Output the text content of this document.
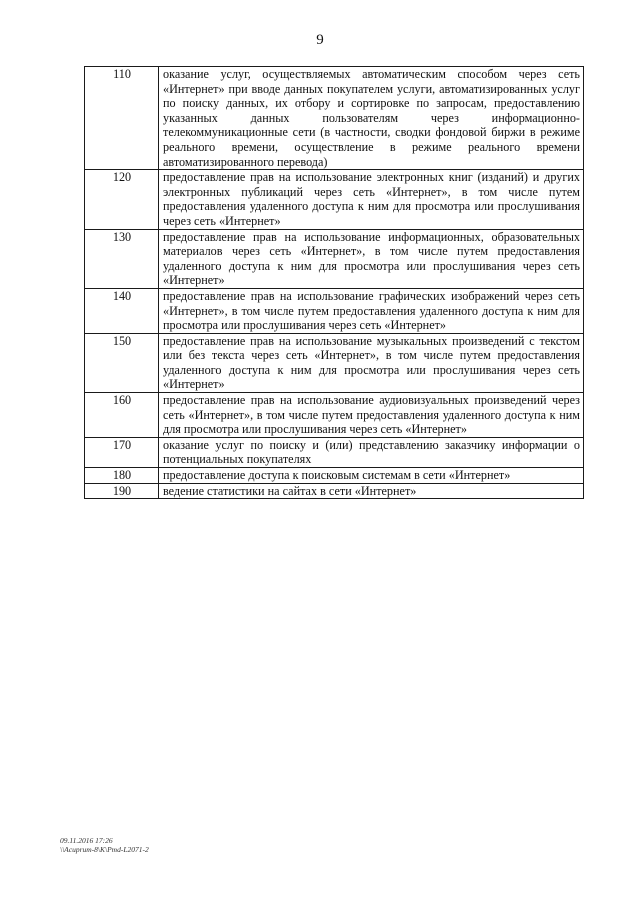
9
110	оказание услуг, осуществляемых автоматическим способом через сеть «Интернет» при вводе данных покупателем услуги, автоматизированных услуг по поиску данных, их отбору и сортировке по запросам, предоставлению указанных данных пользователям через информационно-телекоммуникационные сети (в частности, сводки фондовой биржи в режиме реального времени, осуществление в режиме реального времени автоматизированного перевода)
120	предоставление прав на использование электронных книг (изданий) и других электронных публикаций через сеть «Интернет», в том числе путем предоставления удаленного доступа к ним для просмотра или прослушивания через сеть «Интернет»
130	предоставление прав на использование информационных, образовательных материалов через сеть «Интернет», в том числе путем предоставления удаленного доступа к ним для просмотра или прослушивания через сеть «Интернет»
140	предоставление прав на использование графических изображений через сеть «Интернет», в том числе путем предоставления удаленного доступа к ним для просмотра или прослушивания через сеть «Интернет»
150	предоставление прав на использование музыкальных произведений с текстом или без текста через сеть «Интернет», в том числе путем предоставления удаленного доступа к ним для просмотра или прослушивания через сеть «Интернет»
160	предоставление прав на использование аудиовизуальных произведений через сеть «Интернет», в том числе путем предоставления удаленного доступа к ним для просмотра или прослушивания через сеть «Интернет»
170	оказание услуг по поиску и (или) представлению заказчику информации о потенциальных покупателях
180	предоставление доступа к поисковым системам в сети «Интернет»
190	ведение статистики на сайтах в сети «Интернет»
09.11.2016 17:26
\\Acuprum-8\K\Pmd-L2071-2
